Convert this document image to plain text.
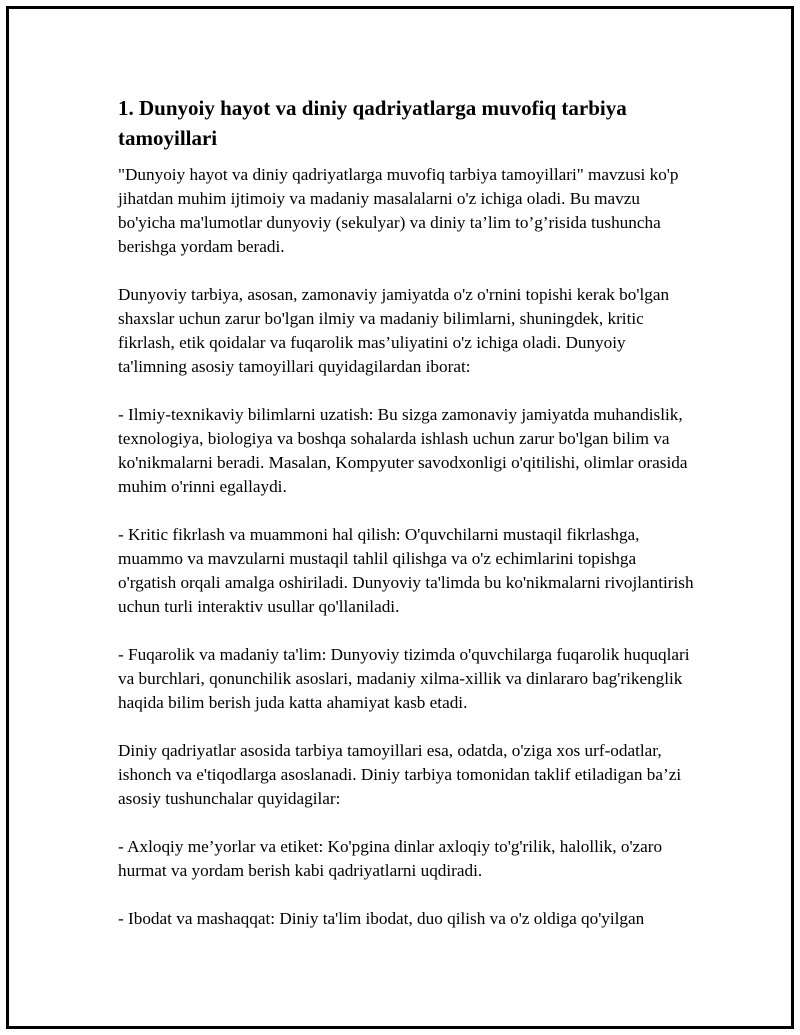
1. Dunyoiy hayot va diniy qadriyatlarga muvofiq tarbiya tamoyillari

"Dunyoiy hayot va diniy qadriyatlarga muvofiq tarbiya tamoyillari" mavzusi ko'p jihatdan muhim ijtimoiy va madaniy masalalarni o'z ichiga oladi. Bu mavzu bo'yicha ma'lumotlar dunyoviy (sekulyar) va diniy ta’lim to’g’risida tushuncha berishga yordam beradi.

Dunyoviy tarbiya, asosan, zamonaviy jamiyatda o'z o'rnini topishi kerak bo'lgan shaxslar uchun zarur bo'lgan ilmiy va madaniy bilimlarni, shuningdek, kritic fikrlash, etik qoidalar va fuqarolik mas’uliyatini o'z ichiga oladi. Dunyoiy ta'limning asosiy tamoyillari quyidagilardan iborat:

- Ilmiy-texnikaviy bilimlarni uzatish: Bu sizga zamonaviy jamiyatda muhandislik, texnologiya, biologiya va boshqa sohalarda ishlash uchun zarur bo'lgan bilim va ko'nikmalarni beradi. Masalan, Kompyuter savodxonligi o'qitilishi, olimlar orasida muhim o'rinni egallaydi.

- Kritic fikrlash va muammoni hal qilish: O'quvchilarni mustaqil fikrlashga, muammo va mavzularni mustaqil tahlil qilishga va o'z echimlarini topishga o'rgatish orqali amalga oshiriladi. Dunyoviy ta'limda bu ko'nikmalarni rivojlantirish uchun turli interaktiv usullar qo'llaniladi.

- Fuqarolik va madaniy ta'lim: Dunyoviy tizimda o'quvchilarga fuqarolik huquqlari va burchlari, qonunchilik asoslari, madaniy xilma-xillik va dinlararo bag'rikenglik haqida bilim berish juda katta ahamiyat kasb etadi.

Diniy qadriyatlar asosida tarbiya tamoyillari esa, odatda, o'ziga xos urf-odatlar, ishonch va e'tiqodlarga asoslanadi. Diniy tarbiya tomonidan taklif etiladigan ba’zi asosiy tushunchalar quyidagilar:

- Axloqiy me’yorlar va etiket: Ko'pgina dinlar axloqiy to'g'rilik, halollik, o'zaro hurmat va yordam berish kabi qadriyatlarni uqdiradi.

- Ibodat va mashaqqat: Diniy ta'lim ibodat, duo qilish va o'z oldiga qo'yilgan
